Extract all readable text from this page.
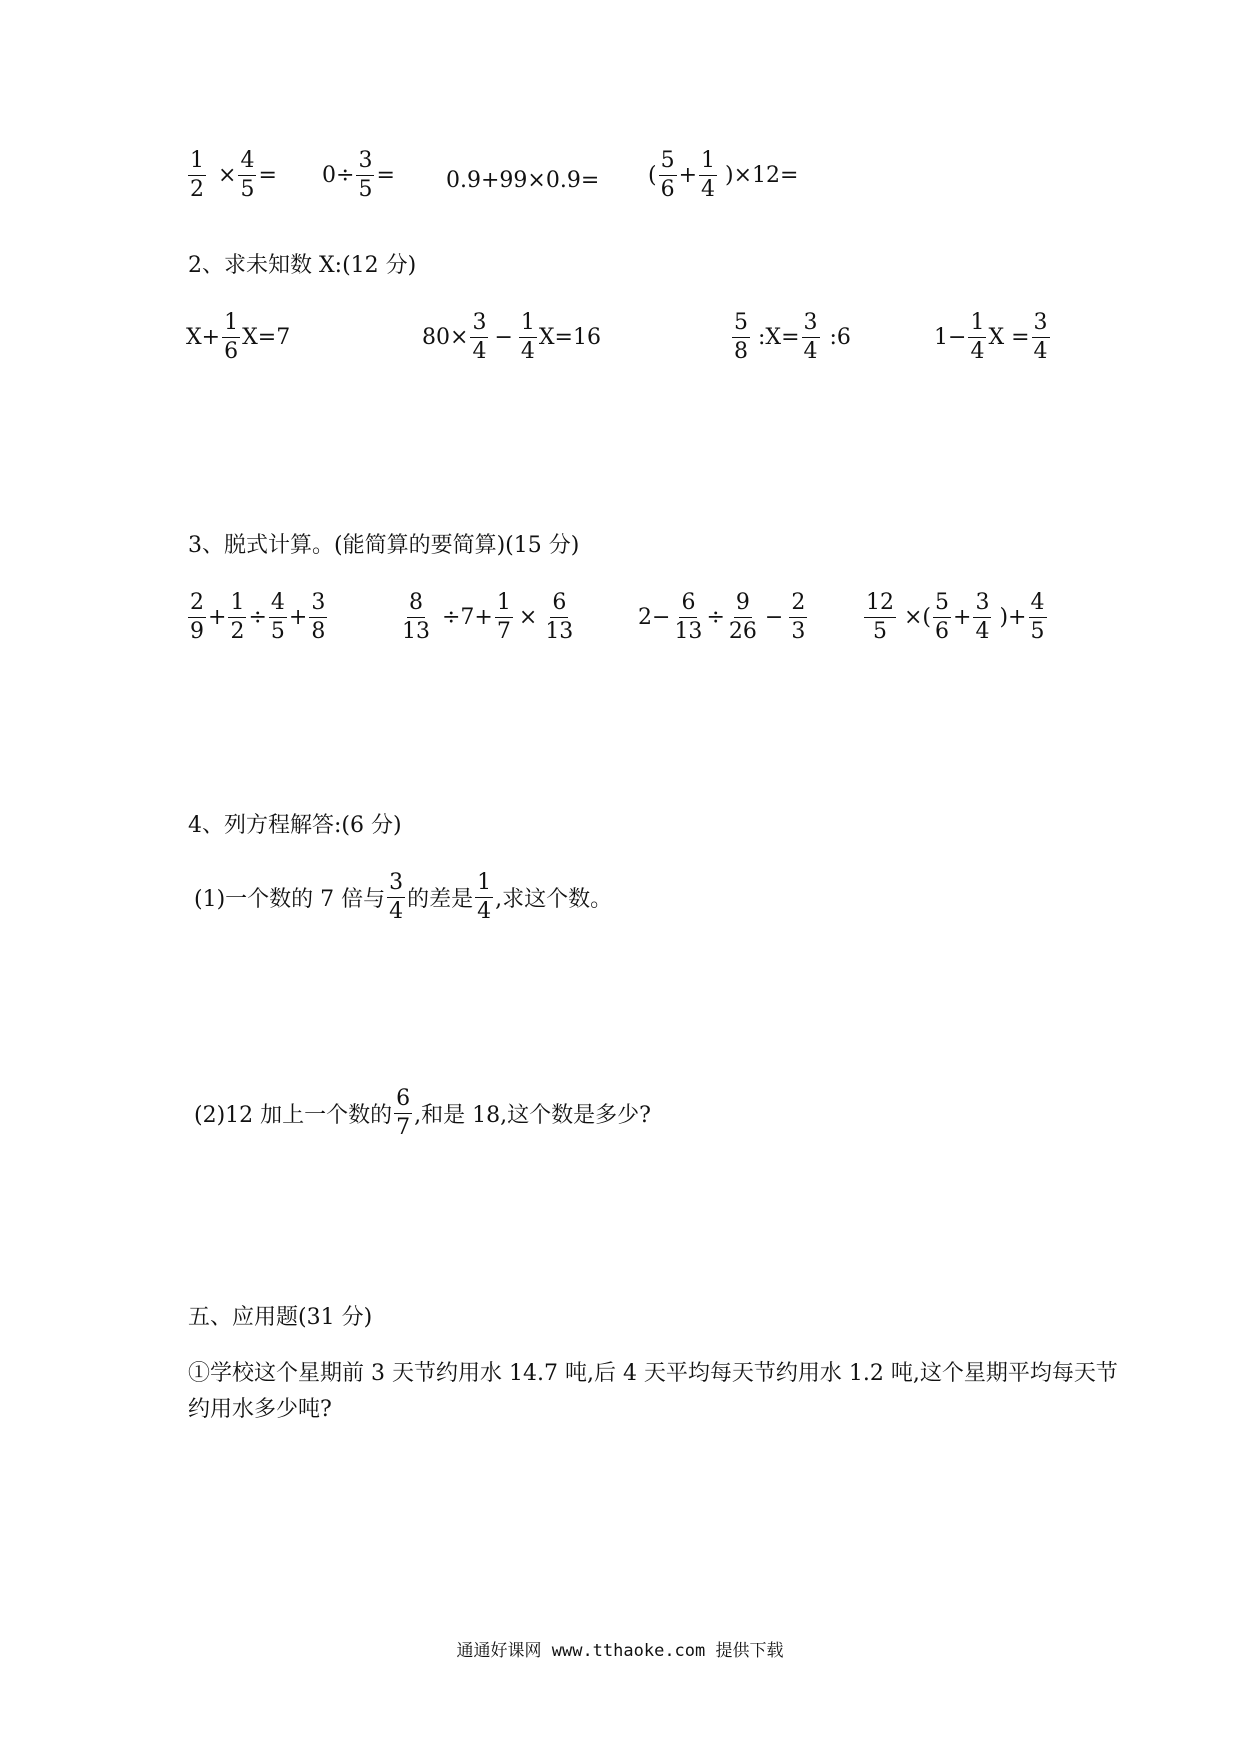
$\frac{1}{2} \times \frac{4}{5} = 0\div \frac{3}{5} = 0.9+99\times 0.9=$ ( $\frac{5}{6} + \frac{1}{4} )\times 12=$
2、求未知数 X:(12 分)
$X+ \frac{1}{6} X=7$	$80\times \frac{3}{4} - \frac{1}{4} X=16$	$\frac{5}{8}$ :X= $\frac{3}{4}$ :6	$1- \frac{1}{4}$ $X = \frac{3}{4}$
3、脱式计算。(能简算的要简算)(15 分)
$\frac{2}{9} + \frac{1}{2} \div \frac{4}{5} + \frac{3}{8}$	$\frac{8}{13} \div 7+ \frac{1}{7} \times \frac{6}{13}$	$2- \frac{6}{13} \div \frac{9}{26} - \frac{2}{3}$	$\frac{12}{5}$ ×( $\frac{5}{6} + \frac{3}{4}$ )+ $\frac{4}{5}$
4、列方程解答:(6 分)
(1)一个数的 7 倍与 $\frac{3}{4}$ 的差是 $\frac{1}{4}$ ,求这个数。
(2)12 加上一个数的 $\frac{6}{7}$ ,和是 18,这个数是多少?
五、应用题(31 分)
①学校这个星期前 3 天节约用水 14.7 吨,后 4 天平均每天节约用水 1.2 吨,这个星期平均每天节约用水多少吨?
通通好课网 www.tthaoke.com 提供下载
